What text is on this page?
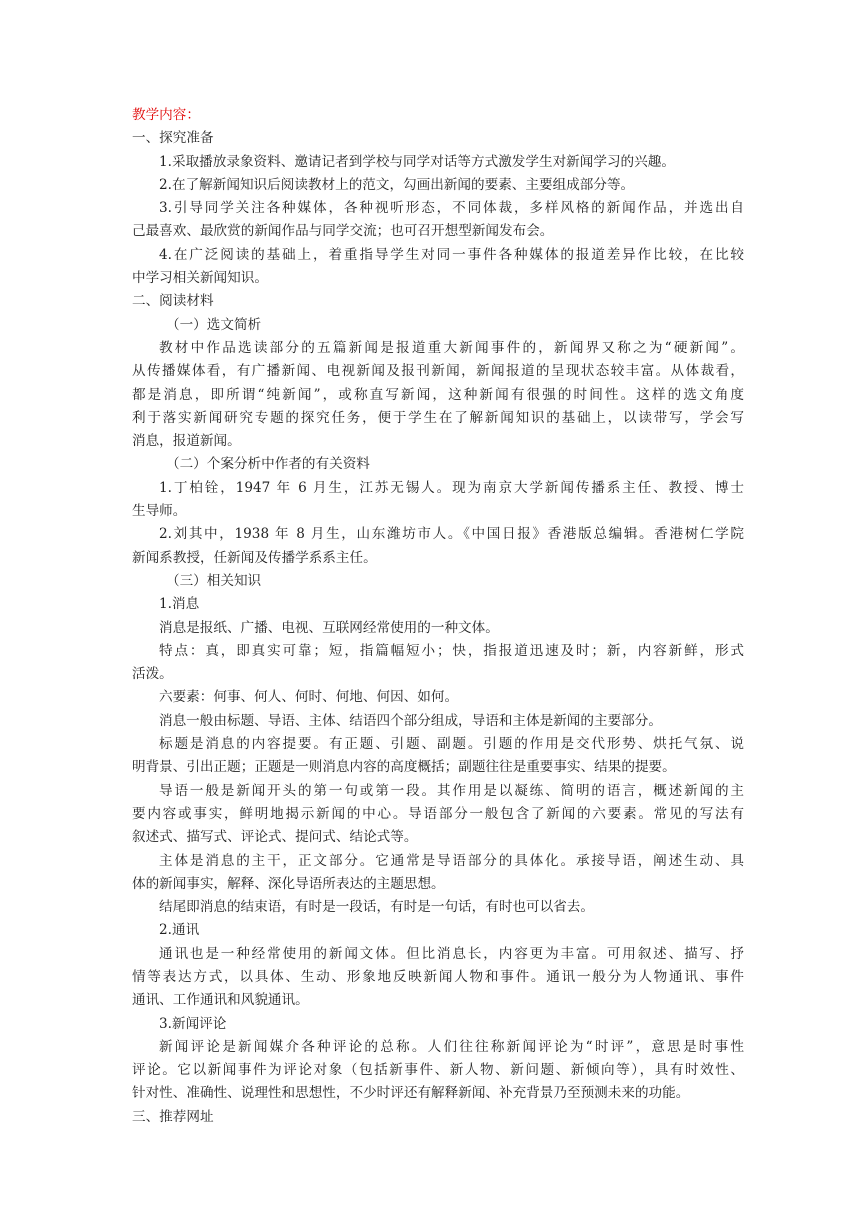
教学内容：
一、探究准备
1.采取播放录象资料、邀请记者到学校与同学对话等方式激发学生对新闻学习的兴趣。
2.在了解新闻知识后阅读教材上的范文，勾画出新闻的要素、主要组成部分等。
3.引导同学关注各种媒体，各种视听形态，不同体裁，多样风格的新闻作品，并选出自
己最喜欢、最欣赏的新闻作品与同学交流；也可召开想型新闻发布会。
4.在广泛阅读的基础上，着重指导学生对同一事件各种媒体的报道差异作比较，在比较
中学习相关新闻知识。
二、阅读材料
（一）选文简析
教材中作品选读部分的五篇新闻是报道重大新闻事件的，新闻界又称之为“硬新闻”。
从传播媒体看，有广播新闻、电视新闻及报刊新闻，新闻报道的呈现状态较丰富。从体裁看，
都是消息，即所谓“纯新闻”，或称直写新闻，这种新闻有很强的时间性。这样的选文角度
利于落实新闻研究专题的探究任务，便于学生在了解新闻知识的基础上，以读带写，学会写
消息，报道新闻。
（二）个案分析中作者的有关资料
1.丁柏铨，1947 年 6 月生，江苏无锡人。现为南京大学新闻传播系主任、教授、博士
生导师。
2.刘其中，1938 年 8 月生，山东潍坊市人。《中国日报》香港版总编辑。香港树仁学院
新闻系教授，任新闻及传播学系系主任。
（三）相关知识
1.消息
消息是报纸、广播、电视、互联网经常使用的一种文体。
特点：真，即真实可靠；短，指篇幅短小；快，指报道迅速及时；新，内容新鲜，形式
活泼。
六要素：何事、何人、何时、何地、何因、如何。
消息一般由标题、导语、主体、结语四个部分组成，导语和主体是新闻的主要部分。
标题是消息的内容提要。有正题、引题、副题。引题的作用是交代形势、烘托气氛、说
明背景、引出正题；正题是一则消息内容的高度概括；副题往往是重要事实、结果的提要。
导语一般是新闻开头的第一句或第一段。其作用是以凝练、简明的语言，概述新闻的主
要内容或事实，鲜明地揭示新闻的中心。导语部分一般包含了新闻的六要素。常见的写法有
叙述式、描写式、评论式、提问式、结论式等。
主体是消息的主干，正文部分。它通常是导语部分的具体化。承接导语，阐述生动、具
体的新闻事实，解释、深化导语所表达的主题思想。
结尾即消息的结束语，有时是一段话，有时是一句话，有时也可以省去。
2.通讯
通讯也是一种经常使用的新闻文体。但比消息长，内容更为丰富。可用叙述、描写、抒
情等表达方式，以具体、生动、形象地反映新闻人物和事件。通讯一般分为人物通讯、事件
通讯、工作通讯和风貌通讯。
3.新闻评论
新闻评论是新闻媒介各种评论的总称。人们往往称新闻评论为“时评”，意思是时事性
评论。它以新闻事件为评论对象（包括新事件、新人物、新问题、新倾向等），具有时效性、
针对性、准确性、说理性和思想性，不少时评还有解释新闻、补充背景乃至预测未来的功能。
三、推荐网址
